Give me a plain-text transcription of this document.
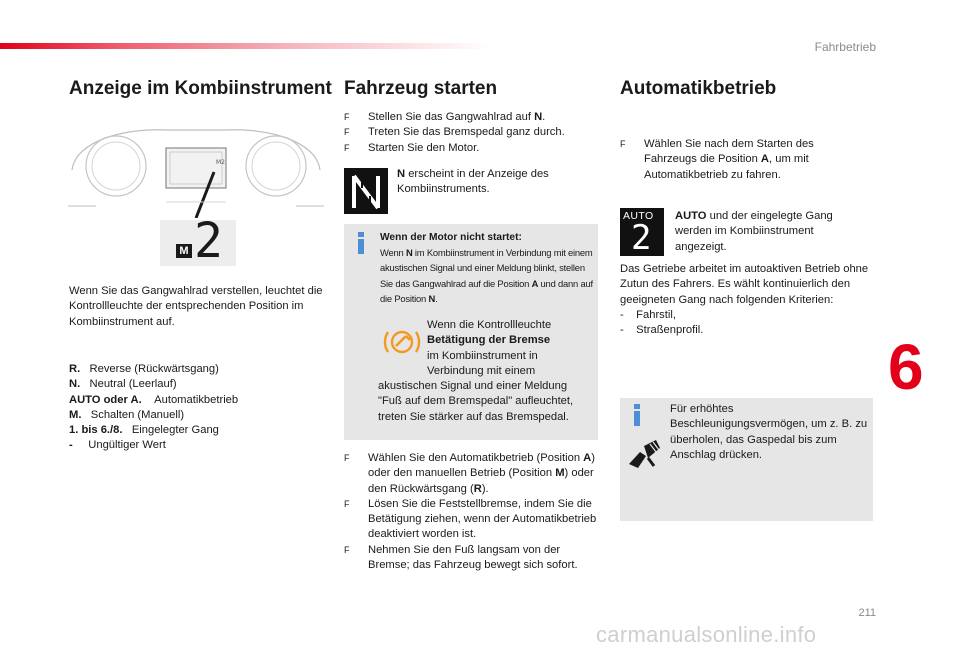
Fahrbetrieb
Anzeige im Kombiinstrument
M2
M 2
Wenn Sie das Gangwahlrad verstellen, leuchtet die Kontrollleuchte der entsprechenden Position im Kombiinstrument auf.
R. Reverse (Rückwärtsgang)
N. Neutral (Leerlauf)
AUTO oder A. Automatikbetrieb
M. Schalten (Manuell)
1. bis 6./8. Eingelegter Gang
- Ungültiger Wert
Fahrzeug starten
F Stellen Sie das Gangwahlrad auf N.
F Treten Sie das Bremspedal ganz durch.
F Starten Sie den Motor.
N erscheint in der Anzeige des Kombiinstruments.
Wenn der Motor nicht startet:
Wenn N im Kombiinstrument in Verbindung mit einem akustischen Signal und einer Meldung blinkt, stellen Sie das Gangwahlrad auf die Position A und dann auf die Position N.
Wenn die Kontrollleuchte
Betätigung der Bremse
im Kombiinstrument in Verbindung mit einem
akustischen Signal und einer Meldung "Fuß auf dem Bremspedal" aufleuchtet, treten Sie stärker auf das Bremspedal.
F Wählen Sie den Automatikbetrieb (Position A) oder den manuellen Betrieb (Position M) oder den Rückwärtsgang (R).
F Lösen Sie die Feststellbremse, indem Sie die Betätigung ziehen, wenn der Automatikbetrieb deaktiviert worden ist.
F Nehmen Sie den Fuß langsam von der Bremse; das Fahrzeug bewegt sich sofort.
Automatikbetrieb
F Wählen Sie nach dem Starten des Fahrzeugs die Position A, um mit Automatikbetrieb zu fahren.
AUTO
2
AUTO und der eingelegte Gang werden im Kombiinstrument angezeigt.
Das Getriebe arbeitet im autoaktiven Betrieb ohne Zutun des Fahrers. Es wählt kontinuierlich den geeigneten Gang nach folgenden Kriterien:
- Fahrstil,
- Straßenprofil.
Für erhöhtes Beschleunigungsvermögen, um z. B. zu überholen, das Gaspedal bis zum Anschlag drücken.
6
211
carmanualsonline.info
